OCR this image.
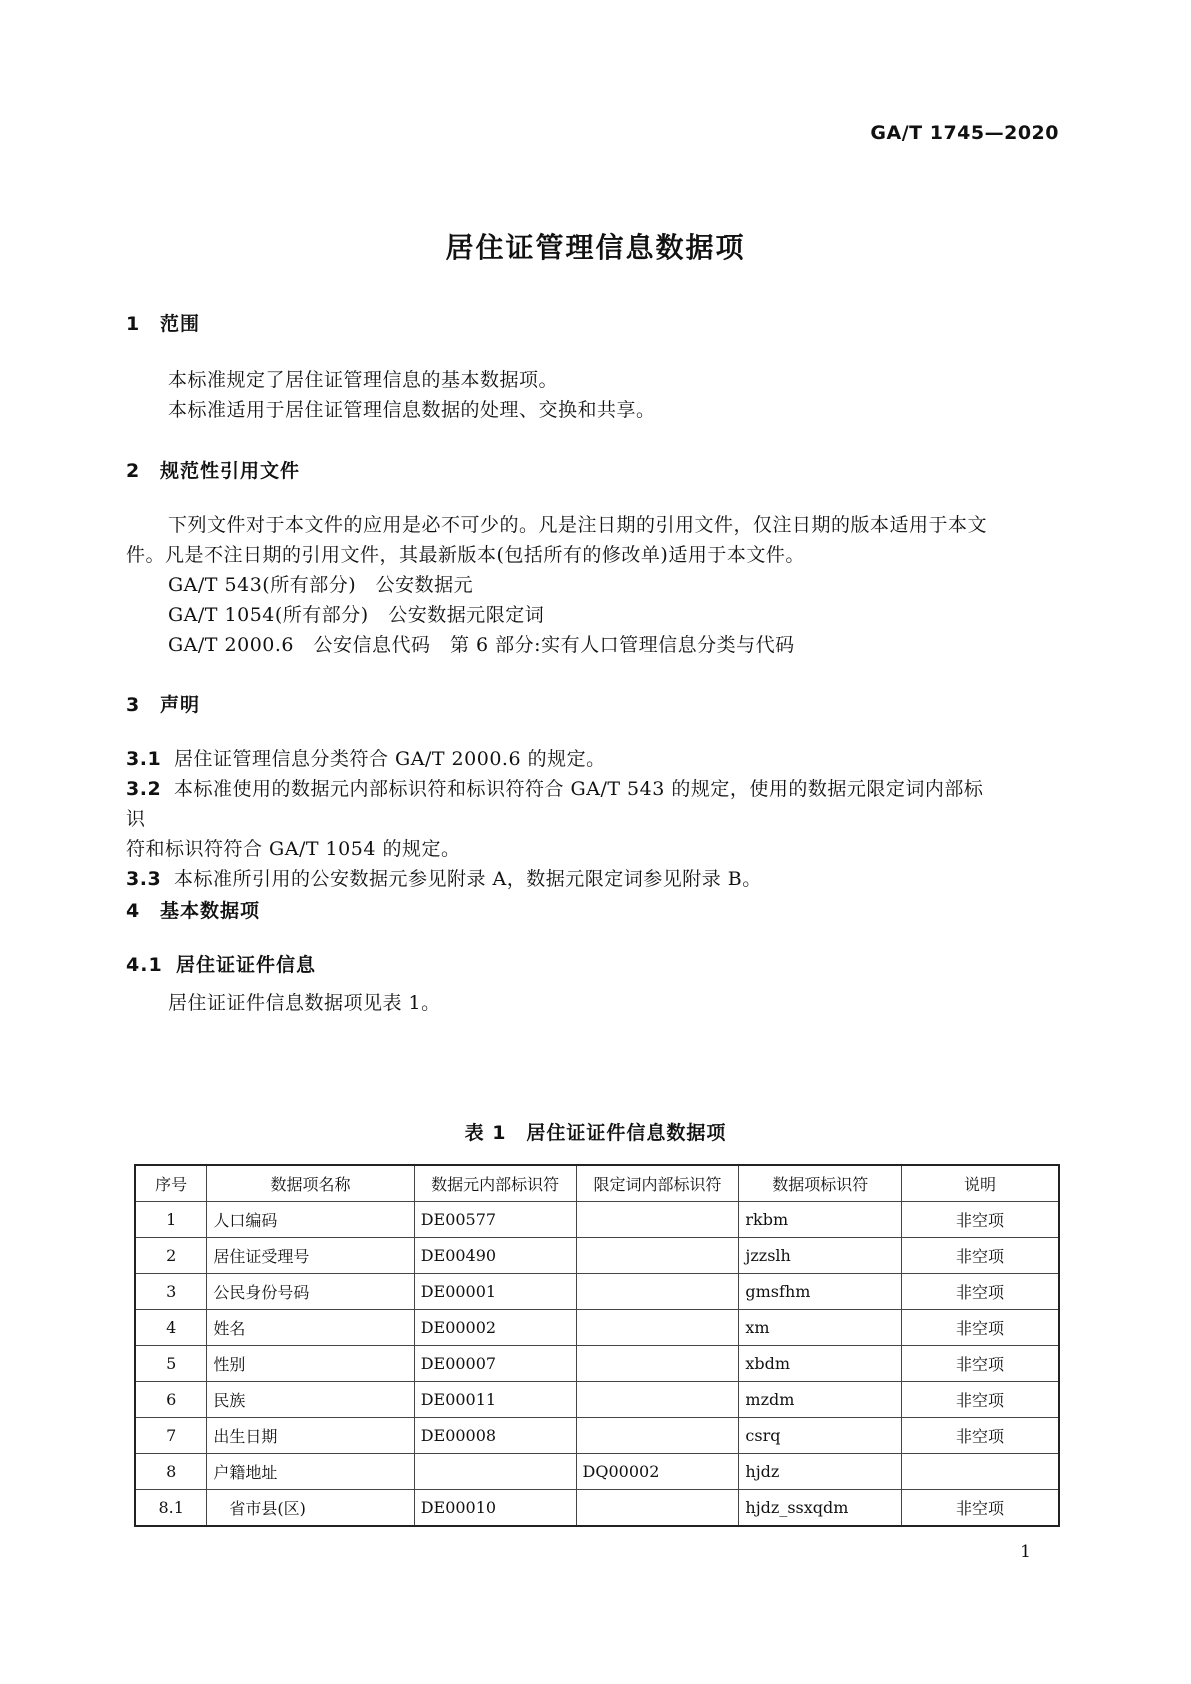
GA/T 1745—2020
居住证管理信息数据项
1 范围
本标准规定了居住证管理信息的基本数据项。
本标准适用于居住证管理信息数据的处理、交换和共享。
2 规范性引用文件
下列文件对于本文件的应用是必不可少的。凡是注日期的引用文件，仅注日期的版本适用于本文
件。凡是不注日期的引用文件，其最新版本(包括所有的修改单)适用于本文件。
GA/T 543(所有部分)　公安数据元
GA/T 1054(所有部分)　公安数据元限定词
GA/T 2000.6　公安信息代码　第 6 部分:实有人口管理信息分类与代码
3 声明
3.1 居住证管理信息分类符合 GA/T 2000.6 的规定。
3.2 本标准使用的数据元内部标识符和标识符符合 GA/T 543 的规定，使用的数据元限定词内部标识
符和标识符符合 GA/T 1054 的规定。
3.3 本标准所引用的公安数据元参见附录 A，数据元限定词参见附录 B。
4 基本数据项
4.1 居住证证件信息
居住证证件信息数据项见表 1。
表 1　居住证证件信息数据项
序号	数据项名称	数据元内部标识符	限定词内部标识符	数据项标识符	说明
1	人口编码	DE00577		rkbm	非空项
2	居住证受理号	DE00490		jzzslh	非空项
3	公民身份号码	DE00001		gmsfhm	非空项
4	姓名	DE00002		xm	非空项
5	性别	DE00007		xbdm	非空项
6	民族	DE00011		mzdm	非空项
7	出生日期	DE00008		csrq	非空项
8	户籍地址		DQ00002	hjdz	
8.1	省市县(区)	DE00010		hjdz_ssxqdm	非空项
1
